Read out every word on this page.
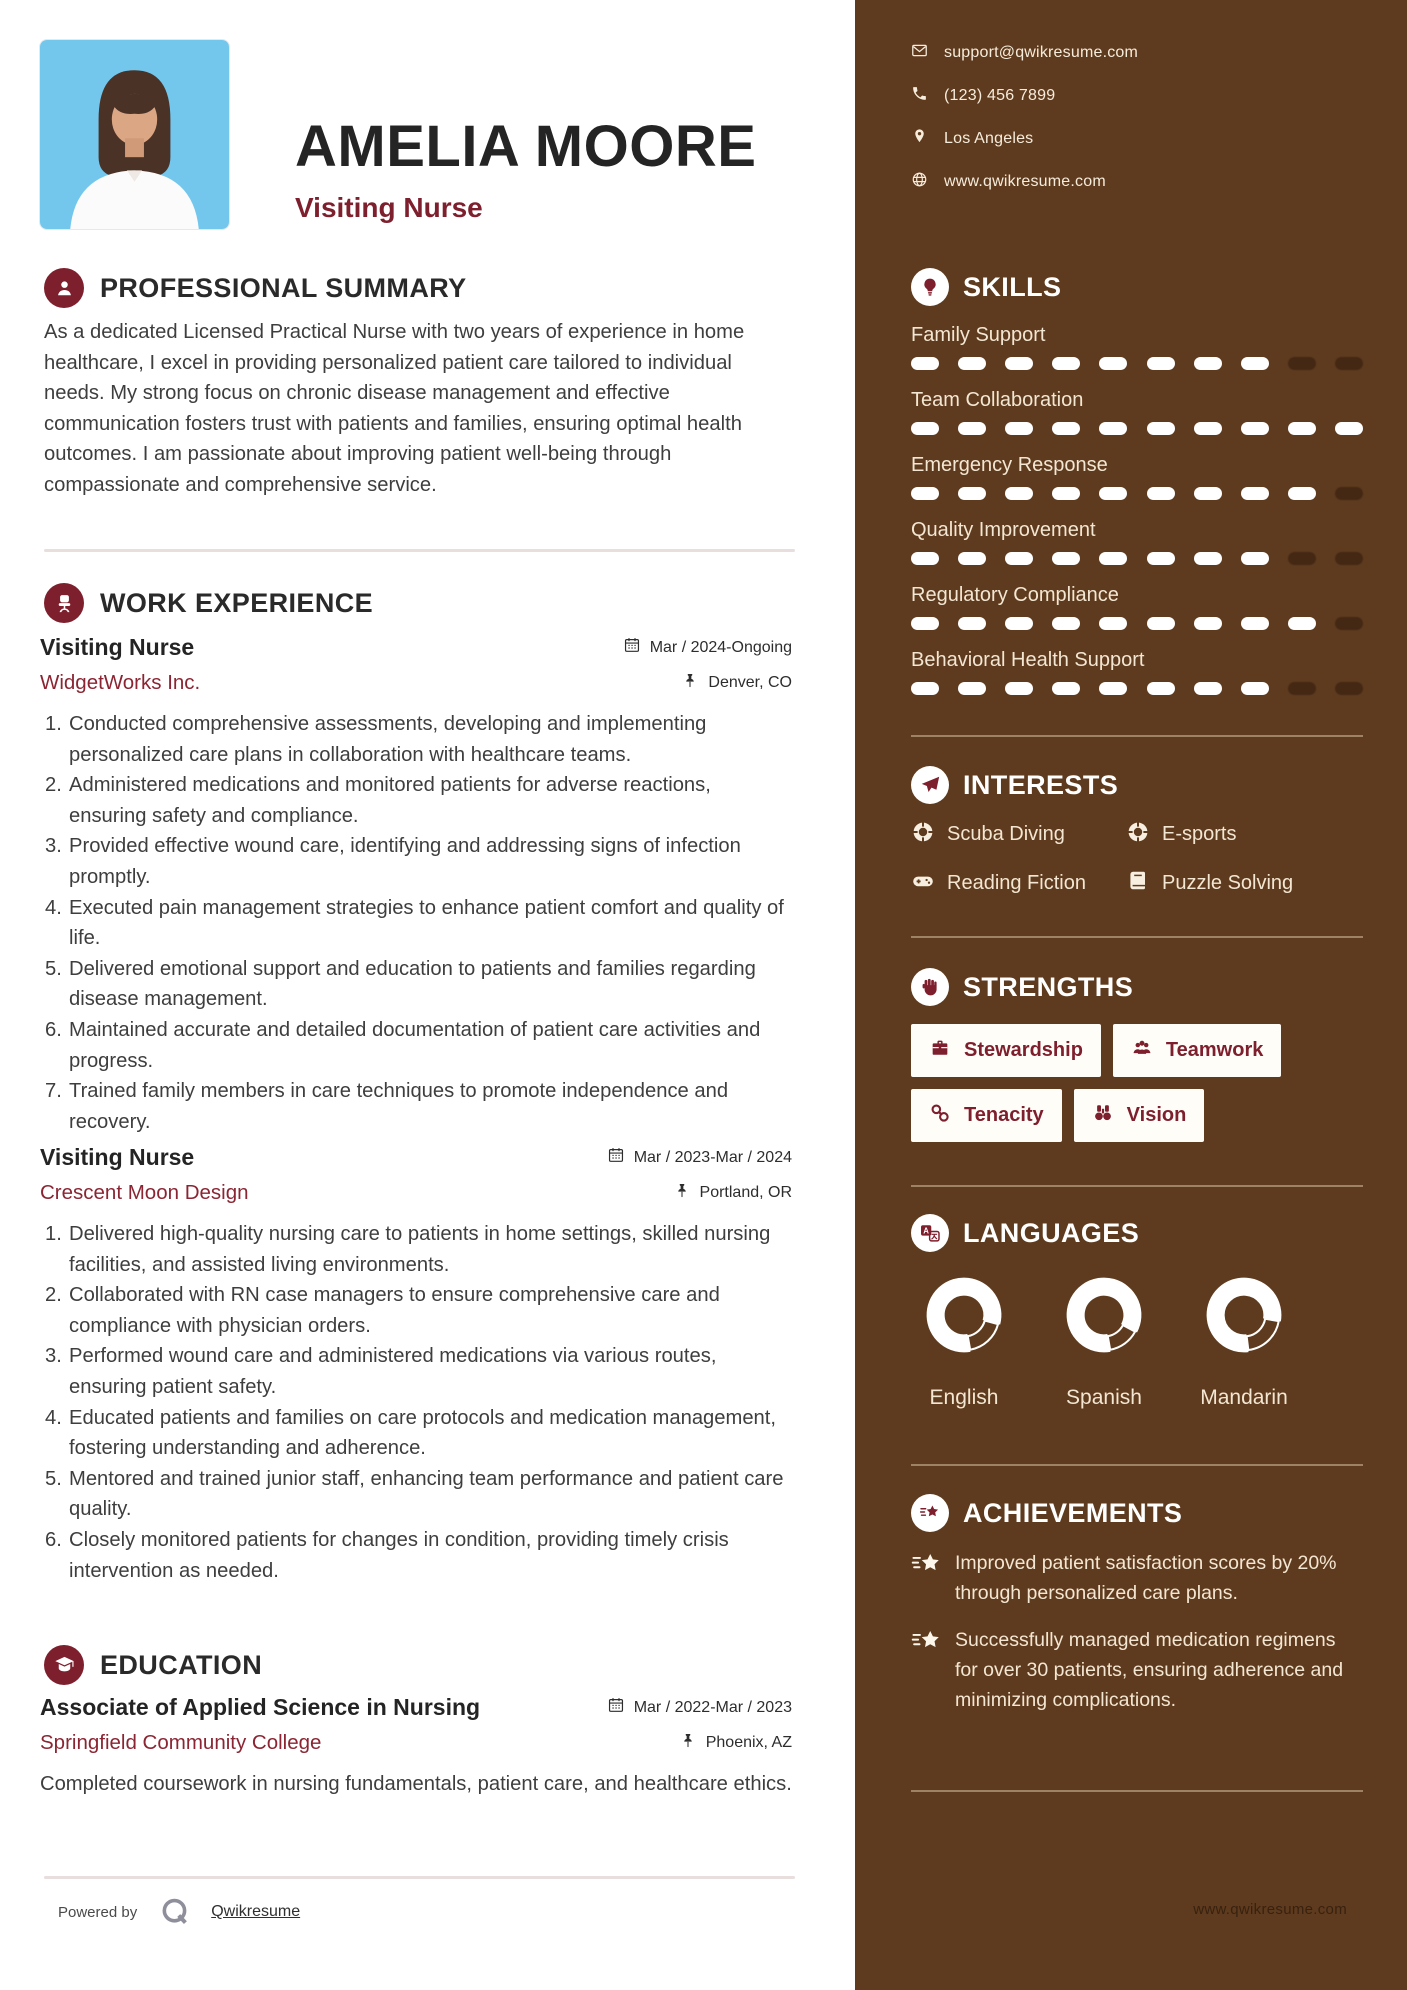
AMELIA MOORE
Visiting Nurse
PROFESSIONAL SUMMARY
As a dedicated Licensed Practical Nurse with two years of experience in home healthcare, I excel in providing personalized patient care tailored to individual needs. My strong focus on chronic disease management and effective communication fosters trust with patients and families, ensuring optimal health outcomes. I am passionate about improving patient well-being through compassionate and comprehensive service.
WORK EXPERIENCE
Visiting Nurse	Mar / 2024-Ongoing
WidgetWorks Inc.	Denver, CO
Conducted comprehensive assessments, developing and implementing personalized care plans in collaboration with healthcare teams.
Administered medications and monitored patients for adverse reactions, ensuring safety and compliance.
Provided effective wound care, identifying and addressing signs of infection promptly.
Executed pain management strategies to enhance patient comfort and quality of life.
Delivered emotional support and education to patients and families regarding disease management.
Maintained accurate and detailed documentation of patient care activities and progress.
Trained family members in care techniques to promote independence and recovery.
Visiting Nurse	Mar / 2023-Mar / 2024
Crescent Moon Design	Portland, OR
Delivered high-quality nursing care to patients in home settings, skilled nursing facilities, and assisted living environments.
Collaborated with RN case managers to ensure comprehensive care and compliance with physician orders.
Performed wound care and administered medications via various routes, ensuring patient safety.
Educated patients and families on care protocols and medication management, fostering understanding and adherence.
Mentored and trained junior staff, enhancing team performance and patient care quality.
Closely monitored patients for changes in condition, providing timely crisis intervention as needed.
EDUCATION
Associate of Applied Science in Nursing	Mar / 2022-Mar / 2023
Springfield Community College	Phoenix, AZ
Completed coursework in nursing fundamentals, patient care, and healthcare ethics.
Powered by	Qwikresume
support@qwikresume.com
(123) 456 7899
Los Angeles
www.qwikresume.com
SKILLS
Family Support
Team Collaboration
Emergency Response
Quality Improvement
Regulatory Compliance
Behavioral Health Support
INTERESTS
Scuba Diving	E-sports
Reading Fiction	Puzzle Solving
STRENGTHS
Stewardship	Teamwork
Tenacity	Vision
A LANGUAGES
English	Spanish	Mandarin
ACHIEVEMENTS
Improved patient satisfaction scores by 20% through personalized care plans.
Successfully managed medication regimens for over 30 patients, ensuring adherence and minimizing complications.
www.qwikresume.com
